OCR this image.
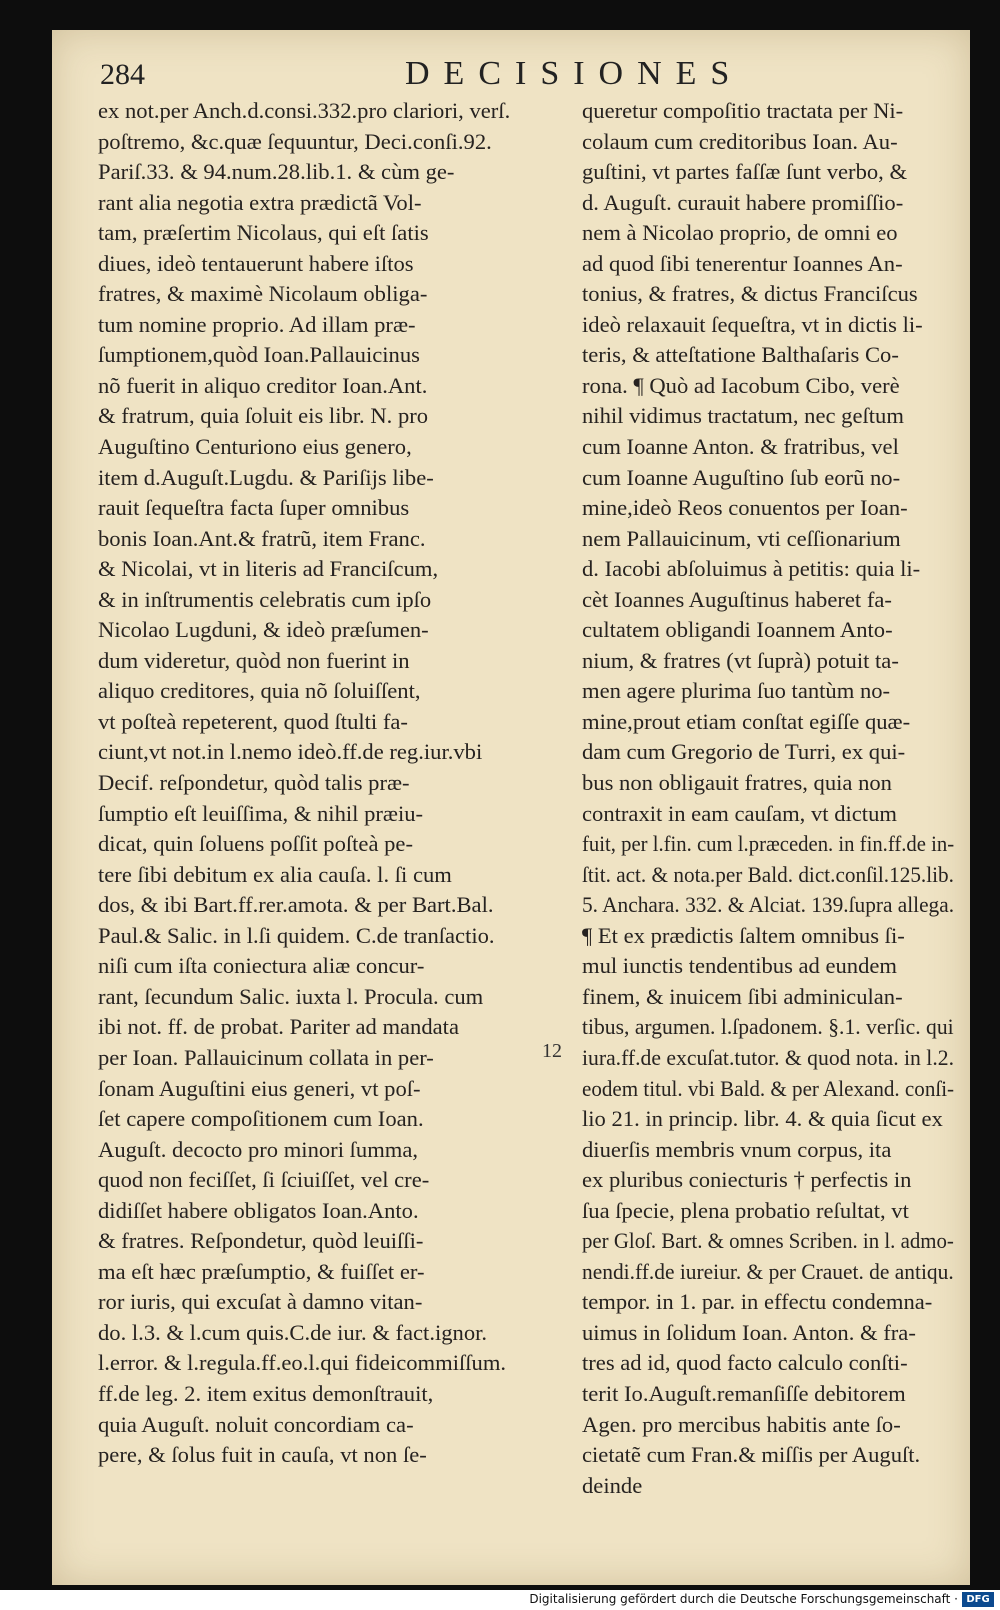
284	DECISIONES
ex not.per Anch.d.consi.332.pro clariori, verſ.
poſtremo, &c.quæ ſequuntur, Deci.conſi.92.
Pariſ.33. & 94.num.28.lib.1. & cùm ge-
rant alia negotia extra prædictã Vol-
tam, præſertim Nicolaus, qui eſt ſatis
diues, ideò tentauerunt habere iſtos
fratres, & maximè Nicolaum obliga-
tum nomine proprio. Ad illam præ-
ſumptionem,quòd Ioan.Pallauicinus
nõ fuerit in aliquo creditor Ioan.Ant.
& fratrum, quia ſoluit eis libr. N. pro
Auguſtino Centuriono eius genero,
item d.Auguſt.Lugdu. & Pariſijs libe-
rauit ſequeſtra facta ſuper omnibus
bonis Ioan.Ant.& fratrũ, item Franc.
& Nicolai, vt in literis ad Franciſcum,
& in inſtrumentis celebratis cum ipſo
Nicolao Lugduni, & ideò præſumen-
dum videretur, quòd non fuerint in
aliquo creditores, quia nõ ſoluiſſent,
vt poſteà repeterent, quod ſtulti fa-
ciunt,vt not.in l.nemo ideò.ff.de reg.iur.vbi
Decif. reſpondetur, quòd talis præ-
ſumptio eſt leuiſſima, & nihil præiu-
dicat, quin ſoluens poſſit poſteà pe-
tere ſibi debitum ex alia cauſa. l. ſi cum
dos, & ibi Bart.ff.rer.amota. & per Bart.Bal.
Paul.& Salic. in l.ſi quidem. C.de tranſactio.
niſi cum iſta coniectura aliæ concur-
rant, ſecundum Salic. iuxta l. Procula. cum
ibi not. ff. de probat. Pariter ad mandata
per Ioan. Pallauicinum collata in per-
ſonam Auguſtini eius generi, vt poſ-
ſet capere compoſitionem cum Ioan.
Auguſt. decocto pro minori ſumma,
quod non feciſſet, ſi ſciuiſſet, vel cre-
didiſſet habere obligatos Ioan.Anto.
& fratres. Reſpondetur, quòd leuiſſi-
ma eſt hæc præſumptio, & fuiſſet er-
ror iuris, qui excuſat à damno vitan-
do. l.3. & l.cum quis.C.de iur. & fact.ignor.
l.error. & l.regula.ff.eo.l.qui fideicommiſſum.
ff.de leg. 2. item exitus demonſtrauit,
quia Auguſt. noluit concordiam ca-
pere, & ſolus fuit in cauſa, vt non ſe-
queretur compoſitio tractata per Ni-
colaum cum creditoribus Ioan. Au-
guſtini, vt partes faſſæ ſunt verbo, &
d. Auguſt. curauit habere promiſſio-
nem à Nicolao proprio, de omni eo
ad quod ſibi tenerentur Ioannes An-
tonius, & fratres, & dictus Franciſcus
ideò relaxauit ſequeſtra, vt in dictis li-
teris, & atteſtatione Balthaſaris Co-
rona. ¶ Quò ad Iacobum Cibo, verè
nihil vidimus tractatum, nec geſtum
cum Ioanne Anton. & fratribus, vel
cum Ioanne Auguſtino ſub eorũ no-
mine,ideò Reos conuentos per Ioan-
nem Pallauicinum, vti ceſſionarium
d. Iacobi abſoluimus à petitis: quia li-
cèt Ioannes Auguſtinus haberet fa-
cultatem obligandi Ioannem Anto-
nium, & fratres (vt ſuprà) potuit ta-
men agere plurima ſuo tantùm no-
mine,prout etiam conſtat egiſſe quæ-
dam cum Gregorio de Turri, ex qui-
bus non obligauit fratres, quia non
contraxit in eam cauſam, vt dictum
fuit, per l.fin. cum l.præceden. in fin.ff.de in-
ſtit. act. & nota.per Bald. dict.conſil.125.lib.
5. Anchara. 332. & Alciat. 139.ſupra allega.
¶ Et ex prædictis ſaltem omnibus ſi-
mul iunctis tendentibus ad eundem
finem, & inuicem ſibi adminiculan-
tibus, argumen. l.ſpadonem. §.1. verſic. qui
iura.ff.de excuſat.tutor. & quod nota. in l.2.
eodem titul. vbi Bald. & per Alexand. conſi-
lio 21. in princip. libr. 4. & quia ſicut ex
diuerſis membris vnum corpus, ita
ex pluribus coniecturis † perfectis in
ſua ſpecie, plena probatio reſultat, vt
per Gloſ. Bart. & omnes Scriben. in l. admo-
nendi.ff.de iureiur. & per Crauet. de antiqu.
tempor. in 1. par. in effectu condemna-
uimus in ſolidum Ioan. Anton. & fra-
tres ad id, quod facto calculo conſti-
terit Io.Auguſt.remanſiſſe debitorem
Agen. pro mercibus habitis ante ſo-
cietatẽ cum Fran.& miſſis per Auguſt.
deinde
12
Digitalisierung gefördert durch die Deutsche Forschungsgemeinschaft · DFG
